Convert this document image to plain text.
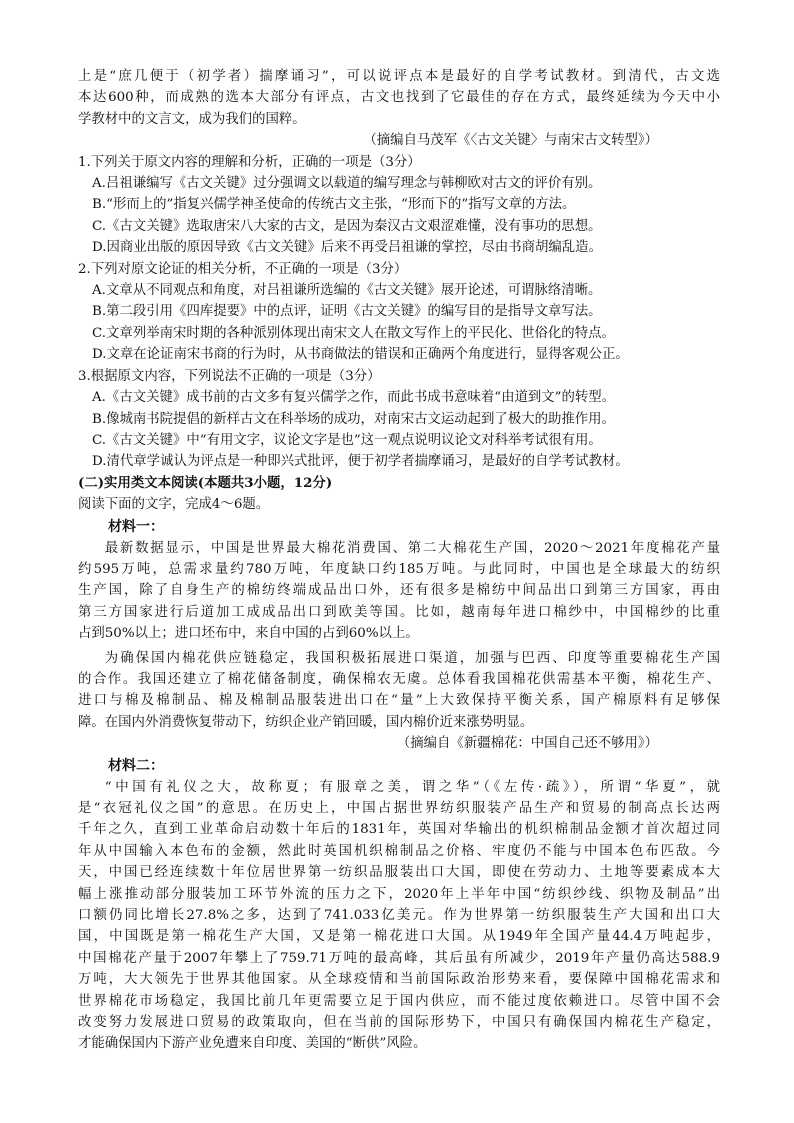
上是“庶几便于（初学者）揣摩诵习”，可以说评点本是最好的自学考试教材。到清代，古文选
本达600种，而成熟的选本大部分有评点，古文也找到了它最佳的存在方式，最终延续为今天中小
学教材中的文言文，成为我们的国粹。
（摘编自马茂军《〈古文关键〉与南宋古文转型》）
1.下列关于原文内容的理解和分析，正确的一项是（3分）
A.吕祖谦编写《古文关键》过分强调文以载道的编写理念与韩柳欧对古文的评价有别。
B.“形而上的”指复兴儒学神圣使命的传统古文主张，“形而下的”指写文章的方法。
C.《古文关键》选取唐宋八大家的古文，是因为秦汉古文艰涩难懂，没有事功的思想。
D.因商业出版的原因导致《古文关键》后来不再受吕祖谦的掌控，尽由书商胡编乱造。
2.下列对原文论证的相关分析，不正确的一项是（3分）
A.文章从不同观点和角度，对吕祖谦所选编的《古文关键》展开论述，可谓脉络清晰。
B.第二段引用《四库提要》中的点评，证明《古文关键》的编写目的是指导文章写法。
C.文章列举南宋时期的各种派别体现出南宋文人在散文写作上的平民化、世俗化的特点。
D.文章在论证南宋书商的行为时，从书商做法的错误和正确两个角度进行，显得客观公正。
3.根据原文内容，下列说法不正确的一项是（3分）
A.《古文关键》成书前的古文多有复兴儒学之作，而此书成书意味着“由道到文”的转型。
B.像城南书院提倡的新样古文在科举场的成功，对南宋古文运动起到了极大的助推作用。
C.《古文关键》中“有用文字，议论文字是也”这一观点说明议论文对科举考试很有用。
D.清代章学诚认为评点是一种即兴式批评，便于初学者揣摩诵习，是最好的自学考试教材。
(二)实用类文本阅读(本题共3小题，12分)
阅读下面的文字，完成4～6题。
材料一：
最新数据显示，中国是世界最大棉花消费国、第二大棉花生产国，2020～2021年度棉花产量
约595万吨，总需求量约780万吨，年度缺口约185万吨。与此同时，中国也是全球最大的纺织
生产国，除了自身生产的棉纺终端成品出口外，还有很多是棉纺中间品出口到第三方国家，再由
第三方国家进行后道加工成成品出口到欧美等国。比如，越南每年进口棉纱中，中国棉纱的比重
占到50%以上；进口坯布中，来自中国的占到60%以上。
为确保国内棉花供应链稳定，我国积极拓展进口渠道，加强与巴西、印度等重要棉花生产国
的合作。我国还建立了棉花储备制度，确保棉农无虞。总体看我国棉花供需基本平衡，棉花生产、
进口与棉及棉制品、棉及棉制品服装进出口在“量”上大致保持平衡关系，国产棉原料有足够保
障。在国内外消费恢复带动下，纺织企业产销回暖，国内棉价近来涨势明显。
（摘编自《新疆棉花：中国自己还不够用》）
材料二：
“中国有礼仪之大，故称夏；有服章之美，谓之华”（《左传·疏》），所谓“华夏”，就
是“衣冠礼仪之国”的意思。在历史上，中国占据世界纺织服装产品生产和贸易的制高点长达两
千年之久，直到工业革命启动数十年后的1831年，英国对华输出的机织棉制品金额才首次超过同
年从中国输入本色布的金额，然此时英国机织棉制品之价格、牢度仍不能与中国本色布匹敌。今
天，中国已经连续数十年位居世界第一纺织品服装出口大国，即使在劳动力、土地等要素成本大
幅上涨推动部分服装加工环节外流的压力之下，2020年上半年中国“纺织纱线、织物及制品”出
口额仍同比增长27.8%之多，达到了741.033亿美元。作为世界第一纺织服装生产大国和出口大
国，中国既是第一棉花生产大国，又是第一棉花进口大国。从1949年全国产量44.4万吨起步，
中国棉花产量于2007年攀上了759.71万吨的最高峰，其后虽有所减少，2019年产量仍高达588.9
万吨，大大领先于世界其他国家。从全球疫情和当前国际政治形势来看，要保障中国棉花需求和
世界棉花市场稳定，我国比前几年更需要立足于国内供应，而不能过度依赖进口。尽管中国不会
改变努力发展进口贸易的政策取向，但在当前的国际形势下，中国只有确保国内棉花生产稳定，
才能确保国内下游产业免遭来自印度、美国的“断供”风险。
